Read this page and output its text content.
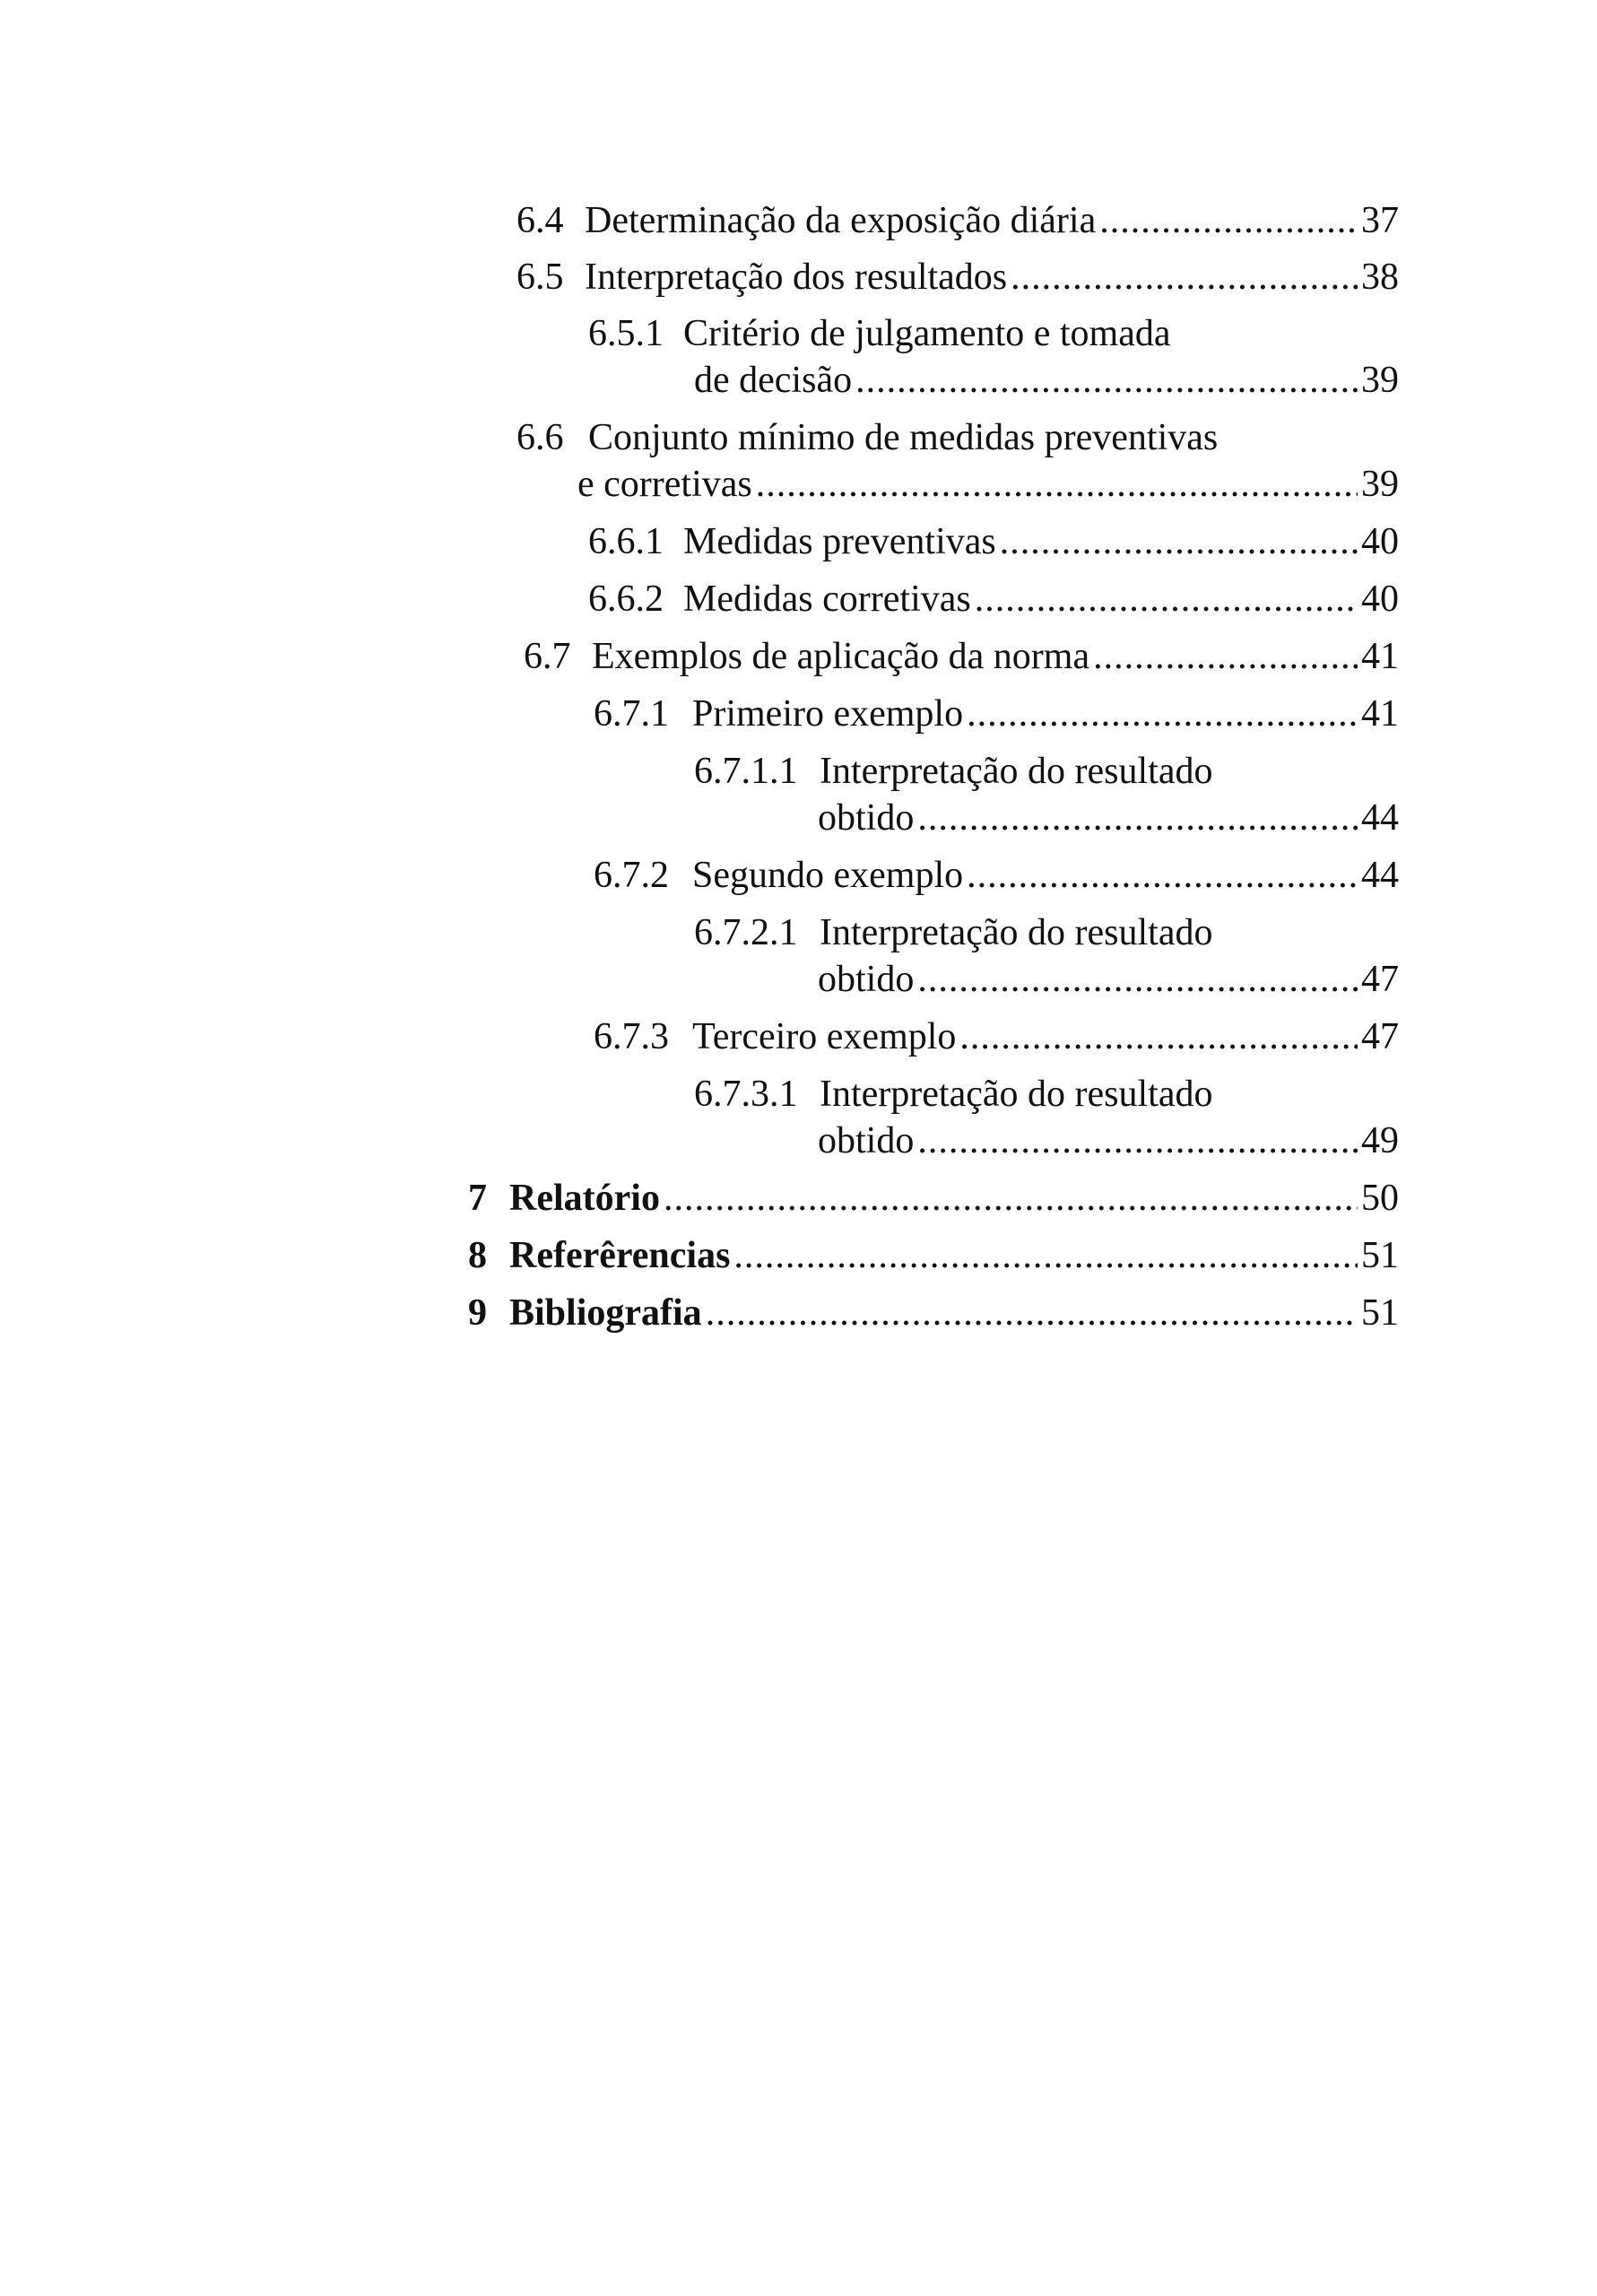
6.4 Determinação da exposição diária .....	37
6.5 Interpretação dos resultados .....	38
6.5.1 Critério de julgamento e tomada
de decisão .....	39
6.6 Conjunto mínimo de medidas preventivas
e corretivas .....	39
6.6.1 Medidas preventivas .....	40
6.6.2 Medidas corretivas .....	40
6.7 Exemplos de aplicação da norma .....	41
6.7.1 Primeiro exemplo .....	41
6.7.1.1 Interpretação do resultado
obtido .....	44
6.7.2 Segundo exemplo .....	44
6.7.2.1 Interpretação do resultado
obtido .....	47
6.7.3 Terceiro exemplo .....	47
6.7.3.1 Interpretação do resultado
obtido .....	49
7 Relatório .....	50
8 Referêrencias .....	51
9 Bibliografia .....	51
